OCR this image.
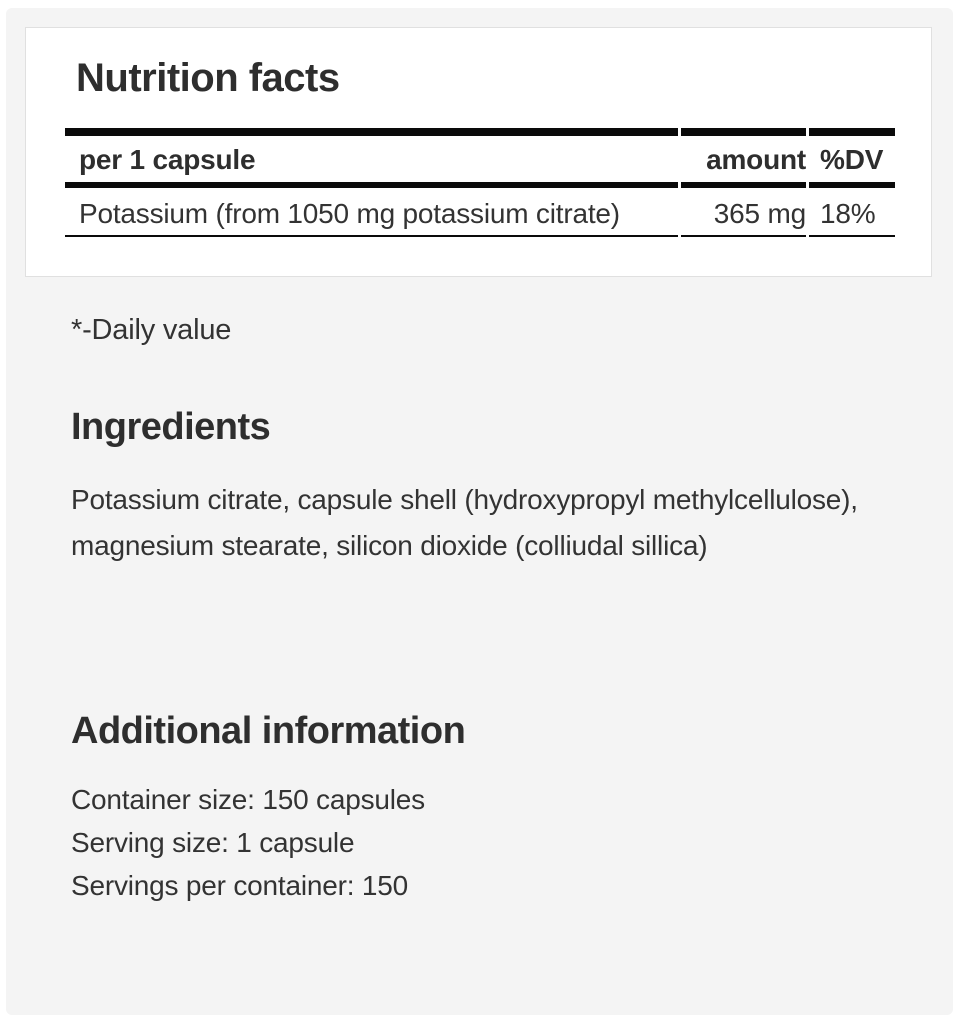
Nutrition facts
per 1 capsule	amount	%DV
Potassium (from 1050 mg potassium citrate)	365 mg	18%

*-Daily value

Ingredients

Potassium citrate, capsule shell (hydroxypropyl methylcellulose), magnesium stearate, silicon dioxide (colliudal sillica)

Additional information
Container size: 150 capsules
Serving size: 1 capsule
Servings per container: 150
